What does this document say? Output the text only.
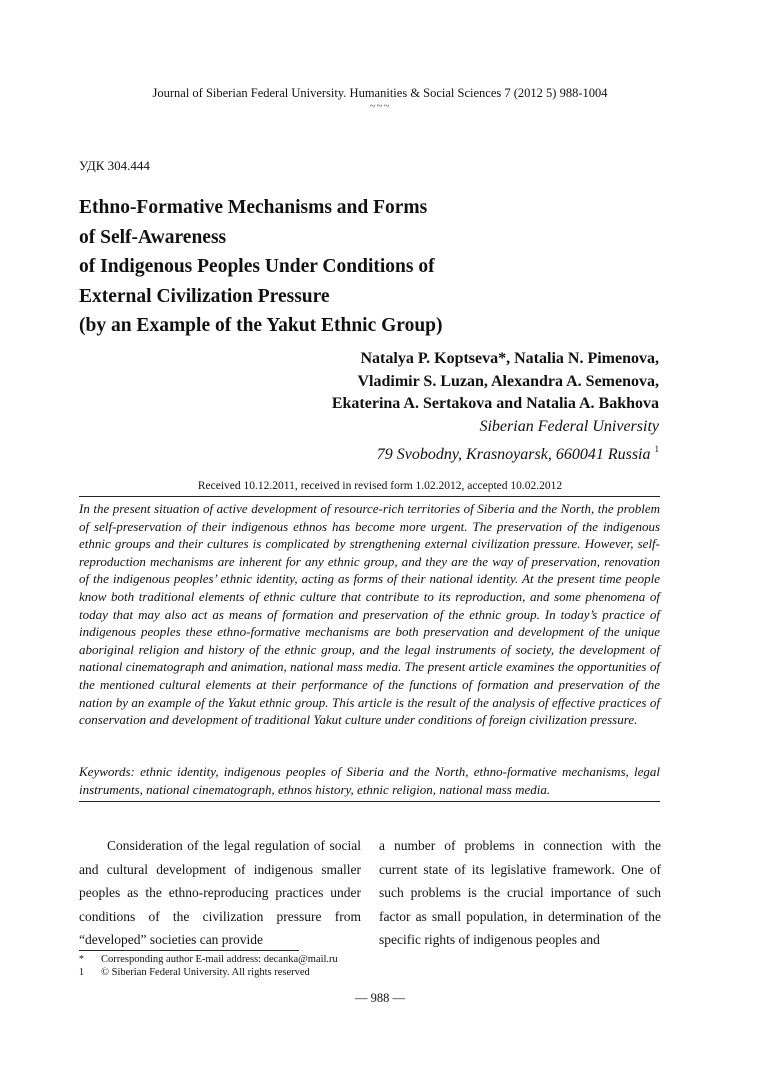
Journal of Siberian Federal University. Humanities & Social Sciences 7 (2012 5) 988-1004
~~~
УДК 304.444
Ethno-Formative Mechanisms and Forms
of Self-Awareness
of Indigenous Peoples Under Conditions of
External Civilization Pressure
(by an Example of the Yakut Ethnic Group)
Natalya P. Koptseva*, Natalia N. Pimenova,
Vladimir S. Luzan, Alexandra A. Semenova,
Ekaterina A. Sertakova and Natalia A. Bakhova
Siberian Federal University
79 Svobodny, Krasnoyarsk, 660041 Russia $^1$
Received 10.12.2011, received in revised form 1.02.2012, accepted 10.02.2012

In the present situation of active development of resource-rich territories of Siberia and the North, the problem of self-preservation of their indigenous ethnos has become more urgent. The preservation of the indigenous ethnic groups and their cultures is complicated by strengthening external civilization pressure. However, self-reproduction mechanisms are inherent for any ethnic group, and they are the way of preservation, renovation of the indigenous peoples’ ethnic identity, acting as forms of their national identity. At the present time people know both traditional elements of ethnic culture that contribute to its reproduction, and some phenomena of today that may also act as means of formation and preservation of the ethnic group. In today’s practice of indigenous peoples these ethno-formative mechanisms are both preservation and development of the unique aboriginal religion and history of the ethnic group, and the legal instruments of society, the development of national cinematograph and animation, national mass media. The present article examines the opportunities of the mentioned cultural elements at their performance of the functions of formation and preservation of the nation by an example of the Yakut ethnic group. This article is the result of the analysis of effective practices of conservation and development of traditional Yakut culture under conditions of foreign civilization pressure.

Keywords: ethnic identity, indigenous peoples of Siberia and the North, ethno-formative mechanisms, legal instruments, national cinematograph, ethnos history, ethnic religion, national mass media.

Consideration of the legal regulation of social and cultural development of indigenous smaller peoples as the ethno-reproducing practices under conditions of the civilization pressure from “developed” societies can provide

a number of problems in connection with the current state of its legislative framework. One of such problems is the crucial importance of such factor as small population, in determination of the specific rights of indigenous peoples and

* Corresponding author E-mail address: decanka@mail.ru
1 © Siberian Federal University. All rights reserved
— 988 —
